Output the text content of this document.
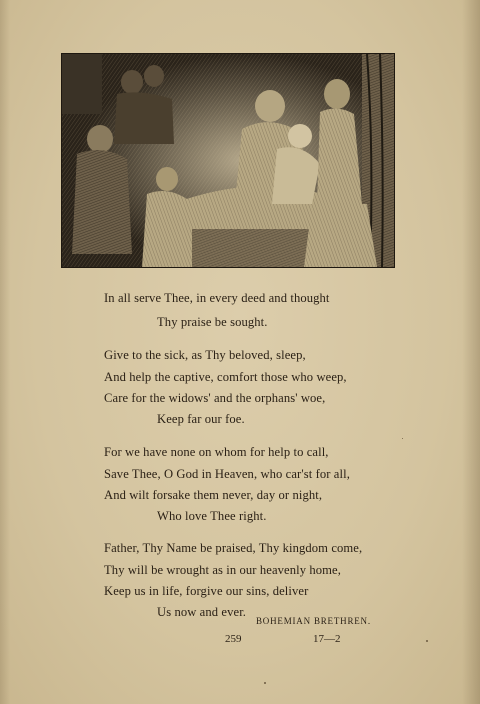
In all serve Thee, in every deed and thought
Thy praise be sought.
Give to the sick, as Thy beloved, sleep,
And help the captive, comfort those who weep,
Care for the widows' and the orphans' woe,
Keep far our foe.
For we have none on whom for help to call,
Save Thee, O God in Heaven, who car'st for all,
And wilt forsake them never, day or night,
Who love Thee right.
Father, Thy Name be praised, Thy kingdom come,
Thy will be wrought as in our heavenly home,
Keep us in life, forgive our sins, deliver
Us now and ever.
BOHEMIAN BRETHREN.
259	17—2
